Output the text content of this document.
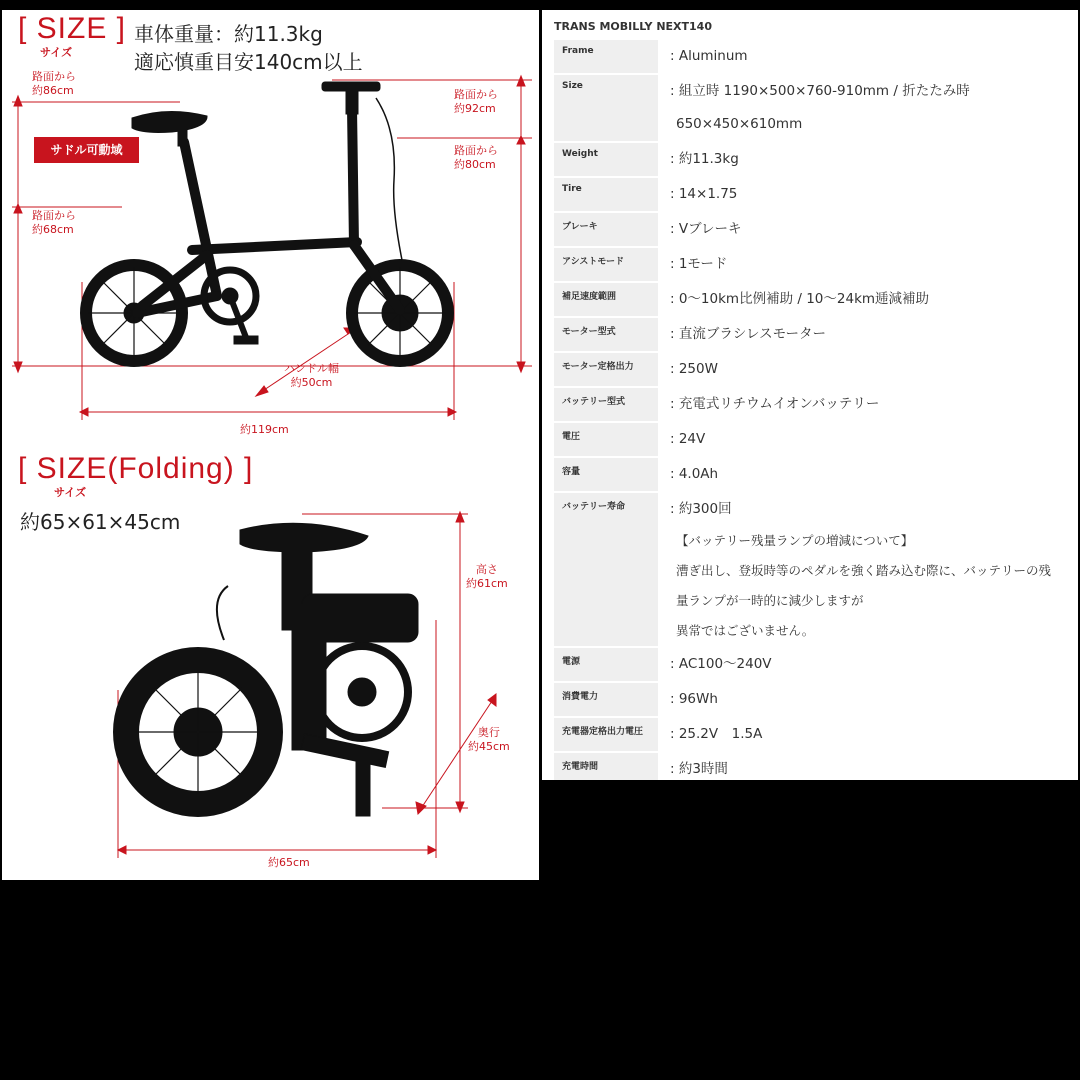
[ SIZE ]
サイズ
車体重量：約11.3kg
適応慎重目安140cm以上
路面から
約86cm
サドル可動域
路面から
約68cm
路面から
約92cm
路面から
約80cm
ハンドル幅
約50cm
約119cm
[ SIZE(Folding) ]
サイズ
約65×61×45cm
高さ
約61cm
奥行
約45cm
約65cm
TRANS MOBILLY NEXT140
Frame	: Aluminum
Size	: 組立時 1190×500×760-910mm / 折たたみ時
650×450×610mm
Weight	: 約11.3kg
Tire	: 14×1.75
ブレーキ	: Vブレーキ
アシストモード	: 1モード
補足速度範囲	: 0〜10km比例補助 / 10〜24km逓減補助
モーター型式	: 直流ブラシレスモーター
モーター定格出力	: 250W
バッテリー型式	: 充電式リチウムイオンバッテリー
電圧	: 24V
容量	: 4.0Ah
バッテリー寿命	: 約300回
【バッテリー残量ランプの増減について】
漕ぎ出し、登坂時等のペダルを強く踏み込む際に、バッテリーの残
量ランプが一時的に減少しますが
異常ではございません。
電源	: AC100〜240V
消費電力	: 96Wh
充電器定格出力電圧	: 25.2V　1.5A
充電時間	: 約3時間
